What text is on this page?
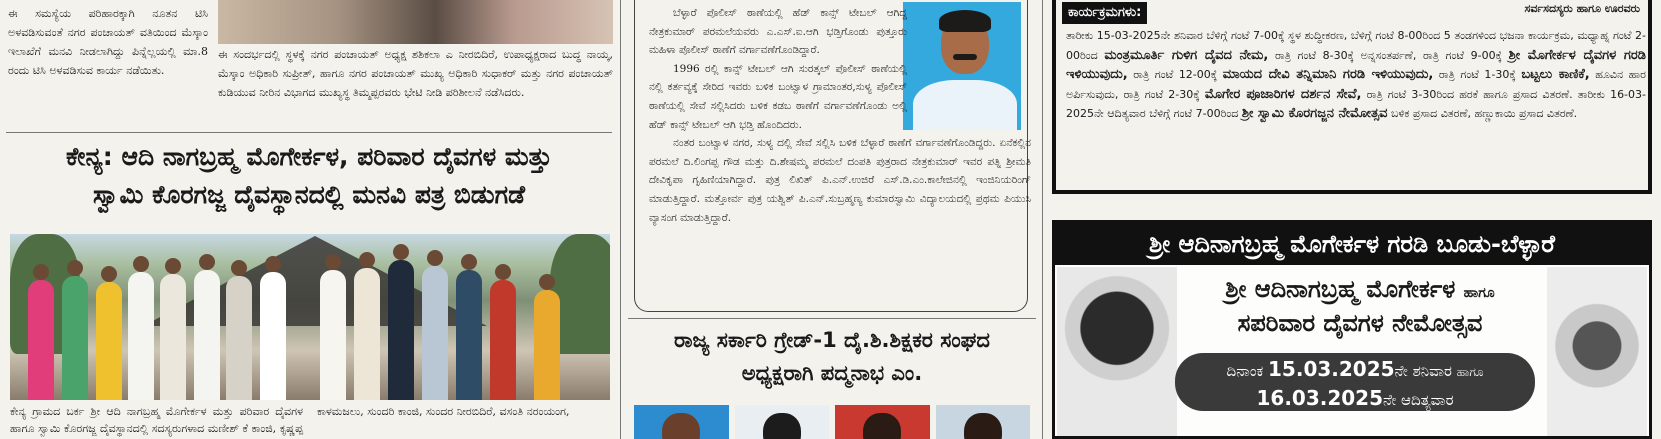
ಈ ಸಮಸ್ಯೆಯ ಪರಿಹಾರಕ್ಕಾಗಿ ನೂತನ ಟಿಸಿ ಅಳವಡಿಸುವಂತೆ ನಗರ ಪಂಚಾಯತ್ ವತಿಯಿಂದ ಮೆಸ್ಕಾಂ ಇಲಾಖೆಗೆ ಮನವಿ ನೀಡಲಾಗಿದ್ದು ಪಿನ್ನೆಲ್ಲಯಲ್ಲಿ ಮಾ.8 ರಂದು ಟಿಸಿ ಅಳವಡಿಸುವ ಕಾರ್ಯ ನಡೆಯಿತು.
ಈ ಸಂದರ್ಭದಲ್ಲಿ ಸ್ಥಳಕ್ಕೆ ನಗರ ಪಂಚಾಯತ್ ಅಧ್ಯಕ್ಷ ಶಶಿಕಲಾ ಎ ನೀರಬಿದಿರೆ, ಉಪಾಧ್ಯಕ್ಷರಾದ ಬುದ್ಧ ನಾಯ್ಕ, ಮೆಸ್ಕಾಂ ಅಧಿಕಾರಿ ಸುಪ್ರೀತ್, ಹಾಗೂ ನಗರ ಪಂಚಾಯತ್ ಮುಖ್ಯ ಅಧಿಕಾರಿ ಸುಧಾಕರ್ ಮತ್ತು ನಗರ ಪಂಚಾಯತ್ ಕುಡಿಯುವ ನೀರಿನ ವಿಭಾಗದ ಮುಖ್ಯಸ್ಥ ತಿಮ್ಮಪ್ಪರವರು ಭೇಟಿ ನೀಡಿ ಪರಿಶೀಲನೆ ನಡೆಸಿದರು.
ಕೇನ್ಯ: ಆದಿ ನಾಗಬ್ರಹ್ಮ ಮೊಗೇರ್ಕಳ, ಪರಿವಾರ ದೈವಗಳ ಮತ್ತು
ಸ್ವಾಮಿ ಕೊರಗಜ್ಜ ದೈವಸ್ಥಾನದಲ್ಲಿ ಮನವಿ ಪತ್ರ ಬಿಡುಗಡೆ
ಕೇನ್ಯ ಗ್ರಾಮದ ಬರ್ಕ ಶ್ರೀ ಆದಿ ನಾಗಬ್ರಹ್ಮ ಮೊಗೇರ್ಕಳ ಮತ್ತು ಪರಿವಾರ ದೈವಗಳ ಹಾಗೂ ಸ್ವಾಮಿ ಕೊರಗಜ್ಜ ದೈವಸ್ಥಾನದಲ್ಲಿ ಸದಸ್ಯರುಗಳಾದ ಮಣೀಶ್ ಕೆ ಕಾಂಜಿ, ಕೃಷ್ಣಪ್ಪ ಕಾಳಮಜಲು, ಸುಂದರಿ ಕಾಂಜಿ, ಸುಂದರ ನೀರಬಿದಿರೆ, ವಸಂತಿ ನರಂಯಂಗ,

ಬೆಳ್ಳಾರೆ ಪೊಲೀಸ್ ಠಾಣೆಯಲ್ಲಿ ಹೆಡ್ ಕಾನ್ಸ್ ಟೇಬಲ್ ಆಗಿದ್ದ ನೇತ್ರಕುಮಾರ್ ಪರಮಲೆಯವರು ಎ.ಎಸ್.ಐ.ಆಗಿ ಭಡ್ತಿಗೊಂಡು ಪುತ್ತೂರು ಮಹಿಳಾ ಪೊಲೀಸ್ ಠಾಣೆಗೆ ವರ್ಗಾವಣೆಗೊಂಡಿದ್ದಾರೆ.

1996 ರಲ್ಲಿ ಕಾನ್ಸ್ ಟೇಬಲ್ ಆಗಿ ಸುರತ್ಕಲ್ ಪೊಲೀಸ್ ಠಾಣೆಯಲ್ಲಿ ನಲ್ಲಿ ಕರ್ತವ್ಯಕ್ಕೆ ಸೇರಿದ ಇವರು ಬಳಿಕ ಬಂಟ್ವಾಳ ಗ್ರಾಮಾಂತರ,ಸುಳ್ಯ ಪೊಲೀಸ್ ಠಾಣೆಯಲ್ಲಿ ಸೇವೆ ಸಲ್ಲಿಸಿದರು ಬಳಿಕ ಕಡಬ ಠಾಣೆಗೆ ವರ್ಗಾವಣೆಗೊಂಡು ಅಲ್ಲಿ ಹೆಡ್ ಕಾನ್ಸ್ ಟೇಬಲ್ ಆಗಿ ಭಡ್ತಿ ಹೊಂದಿದರು.

ನಂತರ ಬಂಟ್ವಾಳ ನಗರ, ಸುಳ್ಯ ದಲ್ಲಿ ಸೇವೆ ಸಲ್ಲಿಸಿ ಬಳಿಕ ಬೆಳ್ಳಾರೆ ಠಾಣೆಗೆ ವರ್ಗಾವಣೆಗೊಂಡಿದ್ದರು. ಏನೆಕಲ್ಲಿನ ಪರಮಲೆ ದಿ.ಲಿಂಗಪ್ಪ ಗೌಡ ಮತ್ತು ದಿ.ಶೇಷಮ್ಮ ಪರಮಲೆ ದಂಪತಿ ಪುತ್ರರಾದ ನೇತ್ರಕುಮಾರ್ ಇವರ ಪತ್ನಿ ಶ್ರೀಮತಿ ದೇವಿಕೃಪಾ ಗೃಹಿಣಿಯಾಗಿದ್ದಾರೆ. ಪುತ್ರ ಲಿಖಿತ್ ಪಿ.ಎನ್.ಉಜಿರೆ ಎಸ್.ಡಿ.ಎಂ.ಕಾಲೇಜಿನಲ್ಲಿ ಇಂಜಿನಿಯರಿಂಗ್ ಮಾಡುತ್ತಿದ್ದಾರೆ. ಮತ್ತೋರ್ವ ಪುತ್ರ ಯಶ್ವಿತ್ ಪಿ.ಎನ್.ಸುಬ್ರಹ್ಮಣ್ಯ ಕುಮಾರಸ್ವಾಮಿ ವಿದ್ಯಾಲಯದಲ್ಲಿ ಪ್ರಥಮ ಪಿಯುಸಿ ವ್ಯಾಸಂಗ ಮಾಡುತ್ತಿದ್ದಾರೆ.

ರಾಜ್ಯ ಸರ್ಕಾರಿ ಗ್ರೇಡ್-1 ದೈ.ಶಿ.ಶಿಕ್ಷಕರ ಸಂಘದ
ಅಧ್ಯಕ್ಷರಾಗಿ ಪದ್ಮನಾಭ ಎಂ.
ಸರ್ವಸದಸ್ಯರು ಹಾಗೂ ಊರವರು
ಕಾರ್ಯಕ್ರಮಗಳು:
ತಾರೀಕು 15-03-2025ನೇ ಶನಿವಾರ ಬೆಳಿಗ್ಗೆ ಗಂಟೆ 7-00ಕ್ಕೆ ಸ್ಥಳ ಶುದ್ಧೀಕರಣ, ಬೆಳಿಗ್ಗೆ ಗಂಟೆ 8-00ರಿಂದ 5 ತಂಡಗಳಿಂದ ಭಜನಾ ಕಾರ್ಯಕ್ರಮ, ಮಧ್ಯಾಹ್ನ ಗಂಟೆ 2-00ರಿಂದ ಮಂತ್ರಮೂರ್ತಿ ಗುಳಿಗ ದೈವದ ನೇಮ, ರಾತ್ರಿ ಗಂಟೆ 8-30ಕ್ಕೆ ಅನ್ನಸಂತರ್ಪಣೆ, ರಾತ್ರಿ ಗಂಟೆ 9-00ಕ್ಕೆ ಶ್ರೀ ಮೊಗೇರ್ಕಳ ದೈವಗಳ ಗರಡಿ ಇಳಿಯುವುದು, ರಾತ್ರಿ ಗಂಟೆ 12-00ಕ್ಕೆ ಮಾಯದ ದೇವಿ ತನ್ನಿಮಾನಿ ಗರಡಿ ಇಳಿಯುವುದು, ರಾತ್ರಿ ಗಂಟೆ 1-30ಕ್ಕೆ ಬಟ್ಟಲು ಕಾಣಿಕೆ, ಹೂವಿನ ಹಾರ ಅರ್ಪಿಸುವುದು, ರಾತ್ರಿ ಗಂಟೆ 2-30ಕ್ಕೆ ಮೊಗೇರ ಪೂಜಾರಿಗಳ ದರ್ಶನ ಸೇವೆ, ರಾತ್ರಿ ಗಂಟೆ 3-30ರಿಂದ ಹರಕೆ ಹಾಗೂ ಪ್ರಸಾದ ವಿತರಣೆ. ತಾರೀಕು 16-03-2025ನೇ ಆದಿತ್ಯವಾರ ಬೆಳಿಗ್ಗೆ ಗಂಟೆ 7-00ರಿಂದ ಶ್ರೀ ಸ್ವಾಮಿ ಕೊರಗಜ್ಜನ ನೇಮೋತ್ಸವ ಬಳಿಕ ಪ್ರಸಾದ ವಿತರಣೆ, ಹಣ್ಣುಕಾಯಿ ಪ್ರಸಾದ ವಿತರಣೆ.
ಶ್ರೀ ಆದಿನಾಗಬ್ರಹ್ಮ ಮೊಗೇರ್ಕಳ ಗರಡಿ ಬೂಡು-ಬೆಳ್ಳಾರೆ
ಶ್ರೀ ಆದಿನಾಗಬ್ರಹ್ಮ ಮೊಗೇರ್ಕಳ ಹಾಗೂ
ಸಪರಿವಾರ ದೈವಗಳ ನೇಮೋತ್ಸವ
ದಿನಾಂಕ 15.03.2025ನೇ ಶನಿವಾರ ಹಾಗೂ
16.03.2025ನೇ ಆದಿತ್ಯವಾರ
